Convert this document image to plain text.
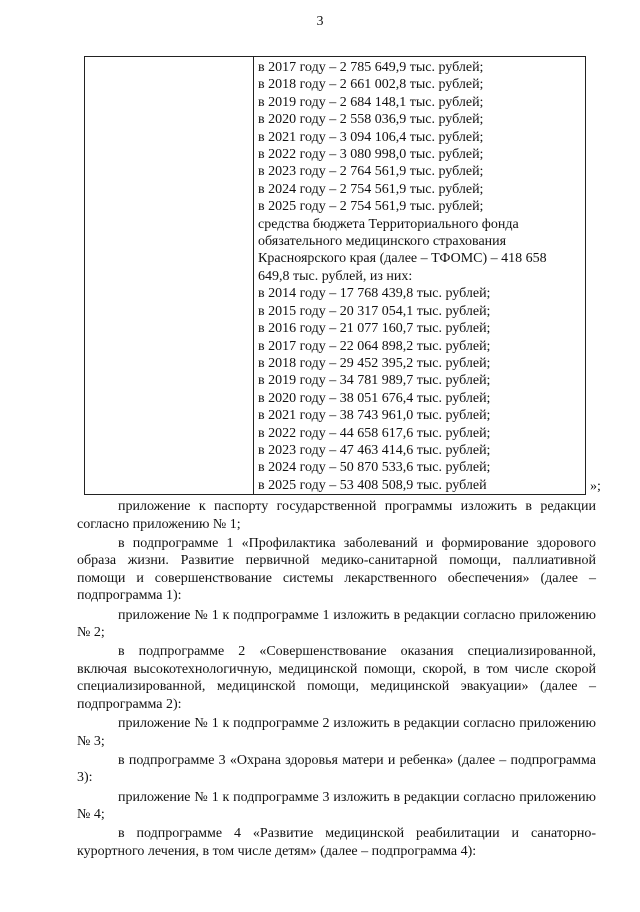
3
в 2017 году – 2 785 649,9 тыс. рублей;
в 2018 году – 2 661 002,8 тыс. рублей;
в 2019 году – 2 684 148,1 тыс. рублей;
в 2020 году – 2 558 036,9 тыс. рублей;
в 2021 году – 3 094 106,4 тыс. рублей;
в 2022 году – 3 080 998,0 тыс. рублей;
в 2023 году – 2 764 561,9 тыс. рублей;
в 2024 году – 2 754 561,9 тыс. рублей;
в 2025 году – 2 754 561,9 тыс. рублей;
средства бюджета Территориального фонда
обязательного медицинского страхования
Красноярского края (далее – ТФОМС) – 418 658
649,8 тыс. рублей, из них:
в 2014 году – 17 768 439,8 тыс. рублей;
в 2015 году – 20 317 054,1 тыс. рублей;
в 2016 году – 21 077 160,7 тыс. рублей;
в 2017 году – 22 064 898,2 тыс. рублей;
в 2018 году – 29 452 395,2 тыс. рублей;
в 2019 году – 34 781 989,7 тыс. рублей;
в 2020 году – 38 051 676,4 тыс. рублей;
в 2021 году – 38 743 961,0 тыс. рублей;
в 2022 году – 44 658 617,6 тыс. рублей;
в 2023 году – 47 463 414,6 тыс. рублей;
в 2024 году – 50 870 533,6 тыс. рублей;
в 2025 году – 53 408 508,9 тыс. рублей	»;

приложение к паспорту государственной программы изложить в редакции согласно приложению № 1;

в подпрограмме 1 «Профилактика заболеваний и формирование здорового образа жизни. Развитие первичной медико-санитарной помощи, паллиативной помощи и совершенствование системы лекарственного обеспечения» (далее – подпрограмма 1):

приложение № 1 к подпрограмме 1 изложить в редакции согласно приложению № 2;

в подпрограмме 2 «Совершенствование оказания специализированной, включая высокотехнологичную, медицинской помощи, скорой, в том числе скорой специализированной, медицинской помощи, медицинской эвакуации» (далее – подпрограмма 2):

приложение № 1 к подпрограмме 2 изложить в редакции согласно приложению № 3;

в подпрограмме 3 «Охрана здоровья матери и ребенка» (далее – подпрограмма 3):

приложение № 1 к подпрограмме 3 изложить в редакции согласно приложению № 4;

в подпрограмме 4 «Развитие медицинской реабилитации и санаторно-курортного лечения, в том числе детям» (далее – подпрограмма 4):
